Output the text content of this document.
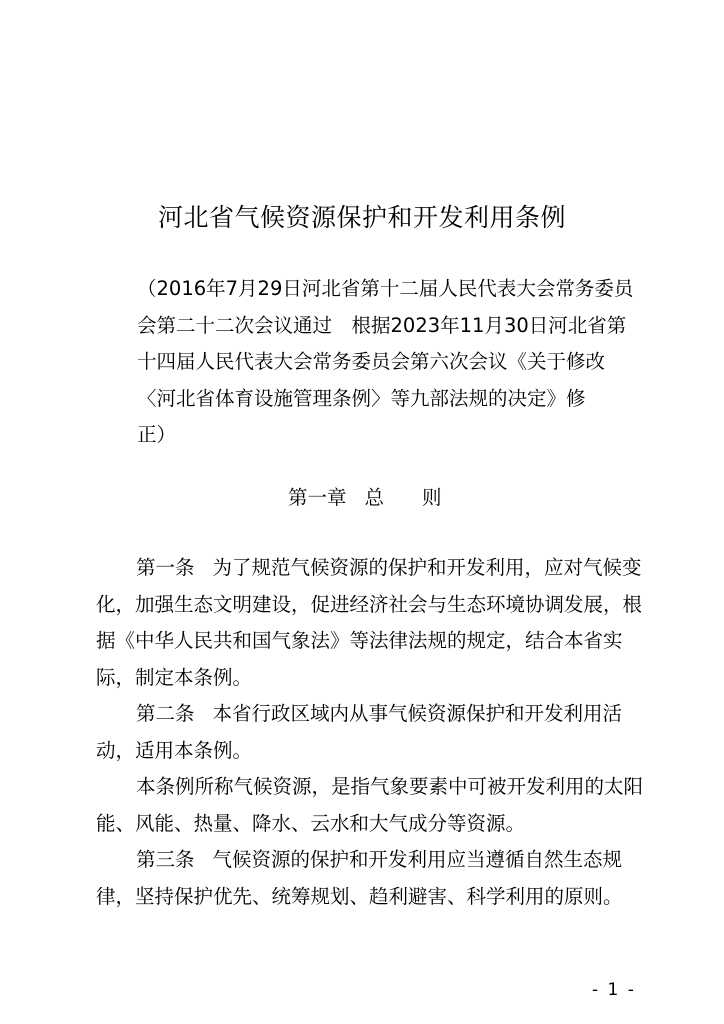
河北省气候资源保护和开发利用条例
（2016年7月29日河北省第十二届人民代表大会常务委员
会第二十二次会议通过　根据2023年11月30日河北省第
十四届人民代表大会常务委员会第六次会议《关于修改
〈河北省体育设施管理条例〉等九部法规的决定》修
正）
第一章 总 则
第一条 为了规范气候资源的保护和开发利用，应对气候变
化，加强生态文明建设，促进经济社会与生态环境协调发展，根
据《中华人民共和国气象法》等法律法规的规定，结合本省实
际，制定本条例。
第二条 本省行政区域内从事气候资源保护和开发利用活
动，适用本条例。
本条例所称气候资源，是指气象要素中可被开发利用的太阳
能、风能、热量、降水、云水和大气成分等资源。
第三条 气候资源的保护和开发利用应当遵循自然生态规
律，坚持保护优先、统筹规划、趋利避害、科学利用的原则。
- 1 -
